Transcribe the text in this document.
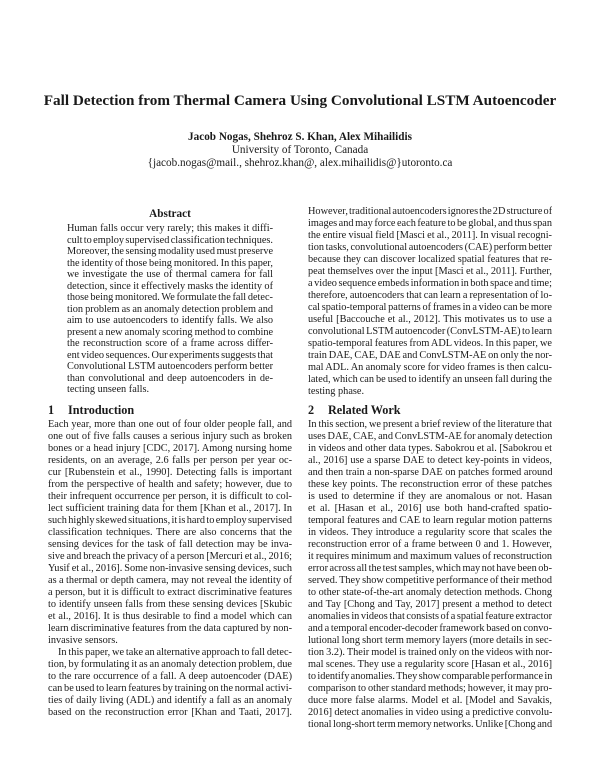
Fall Detection from Thermal Camera Using Convolutional LSTM Autoencoder
Jacob Nogas, Shehroz S. Khan, Alex Mihailidis
University of Toronto, Canada
{jacob.nogas@mail., shehroz.khan@, alex.mihailidis@}utoronto.ca
Abstract
Human falls occur very rarely; this makes it diffi-
cult to employ supervised classification techniques.
Moreover, the sensing modality used must preserve
the identity of those being monitored. In this paper,
we investigate the use of thermal camera for fall
detection, since it effectively masks the identity of
those being monitored. We formulate the fall detec-
tion problem as an anomaly detection problem and
aim to use autoencoders to identify falls. We also
present a new anomaly scoring method to combine
the reconstruction score of a frame across differ-
ent video sequences. Our experiments suggests that
Convolutional LSTM autoencoders perform better
than convolutional and deep autoencoders in de-
tecting unseen falls.
1 Introduction
Each year, more than one out of four older people fall, and
one out of five falls causes a serious injury such as broken
bones or a head injury [CDC, 2017]. Among nursing home
residents, on an average, 2.6 falls per person per year oc-
cur [Rubenstein et al., 1990]. Detecting falls is important
from the perspective of health and safety; however, due to
their infrequent occurrence per person, it is difficult to col-
lect sufficient training data for them [Khan et al., 2017]. In
such highly skewed situations, it is hard to employ supervised
classification techniques. There are also concerns that the
sensing devices for the task of fall detection may be inva-
sive and breach the privacy of a person [Mercuri et al., 2016;
Yusif et al., 2016]. Some non-invasive sensing devices, such
as a thermal or depth camera, may not reveal the identity of
a person, but it is difficult to extract discriminative features
to identify unseen falls from these sensing devices [Skubic
et al., 2016]. It is thus desirable to find a model which can
learn discriminative features from the data captured by non-
invasive sensors.
In this paper, we take an alternative approach to fall detec-
tion, by formulating it as an anomaly detection problem, due
to the rare occurrence of a fall. A deep autoencoder (DAE)
can be used to learn features by training on the normal activi-
ties of daily living (ADL) and identify a fall as an anomaly
based on the reconstruction error [Khan and Taati, 2017].
However, traditional autoencoders ignores the 2D structure of
images and may force each feature to be global, and thus span
the entire visual field [Masci et al., 2011]. In visual recogni-
tion tasks, convolutional autoencoders (CAE) perform better
because they can discover localized spatial features that re-
peat themselves over the input [Masci et al., 2011]. Further,
a video sequence embeds information in both space and time;
therefore, autoencoders that can learn a representation of lo-
cal spatio-temporal patterns of frames in a video can be more
useful [Baccouche et al., 2012]. This motivates us to use a
convolutional LSTM autoencoder (ConvLSTM-AE) to learn
spatio-temporal features from ADL videos. In this paper, we
train DAE, CAE, DAE and ConvLSTM-AE on only the nor-
mal ADL. An anomaly score for video frames is then calcu-
lated, which can be used to identify an unseen fall during the
testing phase.
2 Related Work
In this section, we present a brief review of the literature that
uses DAE, CAE, and ConvLSTM-AE for anomaly detection
in videos and other data types. Sabokrou et al. [Sabokrou et
al., 2016] use a sparse DAE to detect key-points in videos,
and then train a non-sparse DAE on patches formed around
these key points. The reconstruction error of these patches
is used to determine if they are anomalous or not. Hasan
et al. [Hasan et al., 2016] use both hand-crafted spatio-
temporal features and CAE to learn regular motion patterns
in videos. They introduce a regularity score that scales the
reconstruction error of a frame between 0 and 1. However,
it requires minimum and maximum values of reconstruction
error across all the test samples, which may not have been ob-
served. They show competitive performance of their method
to other state-of-the-art anomaly detection methods. Chong
and Tay [Chong and Tay, 2017] present a method to detect
anomalies in videos that consists of a spatial feature extractor
and a temporal encoder-decoder framework based on convo-
lutional long short term memory layers (more details in sec-
tion 3.2). Their model is trained only on the videos with nor-
mal scenes. They use a regularity score [Hasan et al., 2016]
to identify anomalies. They show comparable performance in
comparison to other standard methods; however, it may pro-
duce more false alarms. Model et al. [Model and Savakis,
2016] detect anomalies in video using a predictive convolu-
tional long-short term memory networks. Unlike [Chong and
